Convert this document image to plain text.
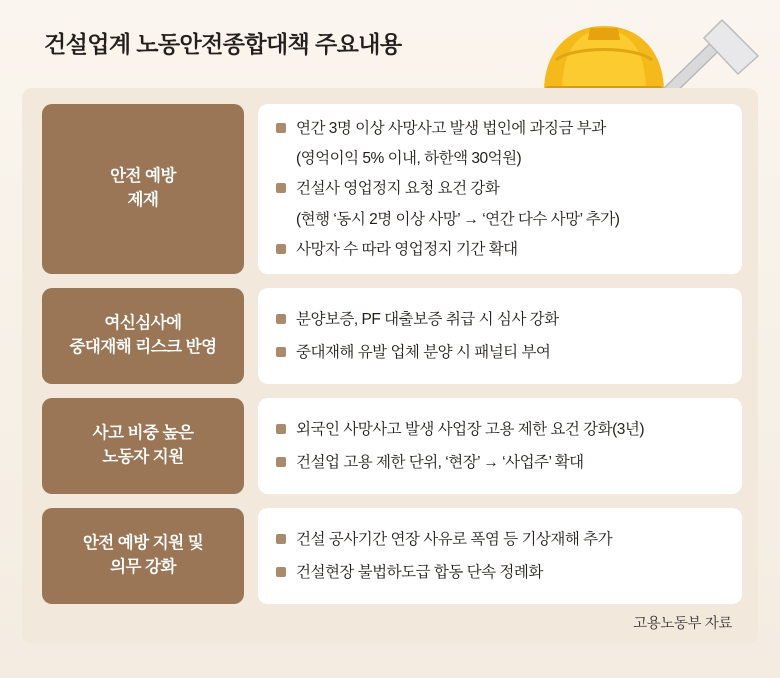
건설업계 노동안전종합대책 주요내용
안전 예방
제재
연간 3명 이상 사망사고 발생 법인에 과징금 부과
(영억이익 5% 이내, 하한액 30억원)
건설사 영업정지 요청 요건 강화
(현행 ‘동시 2명 이상 사망’ → ‘연간 다수 사망’ 추가)
사망자 수 따라 영업정지 기간 확대
여신심사에
중대재해 리스크 반영
분양보증, PF 대출보증 취급 시 심사 강화
중대재해 유발 업체 분양 시 패널티 부여
사고 비중 높은
노동자 지원
외국인 사망사고 발생 사업장 고용 제한 요건 강화(3년)
건설업 고용 제한 단위, ‘현장’ → ‘사업주’ 확대
안전 예방 지원 및
의무 강화
건설 공사기간 연장 사유로 폭염 등 기상재해 추가
건설현장 불법하도급 합동 단속 정례화
고용노동부 자료
